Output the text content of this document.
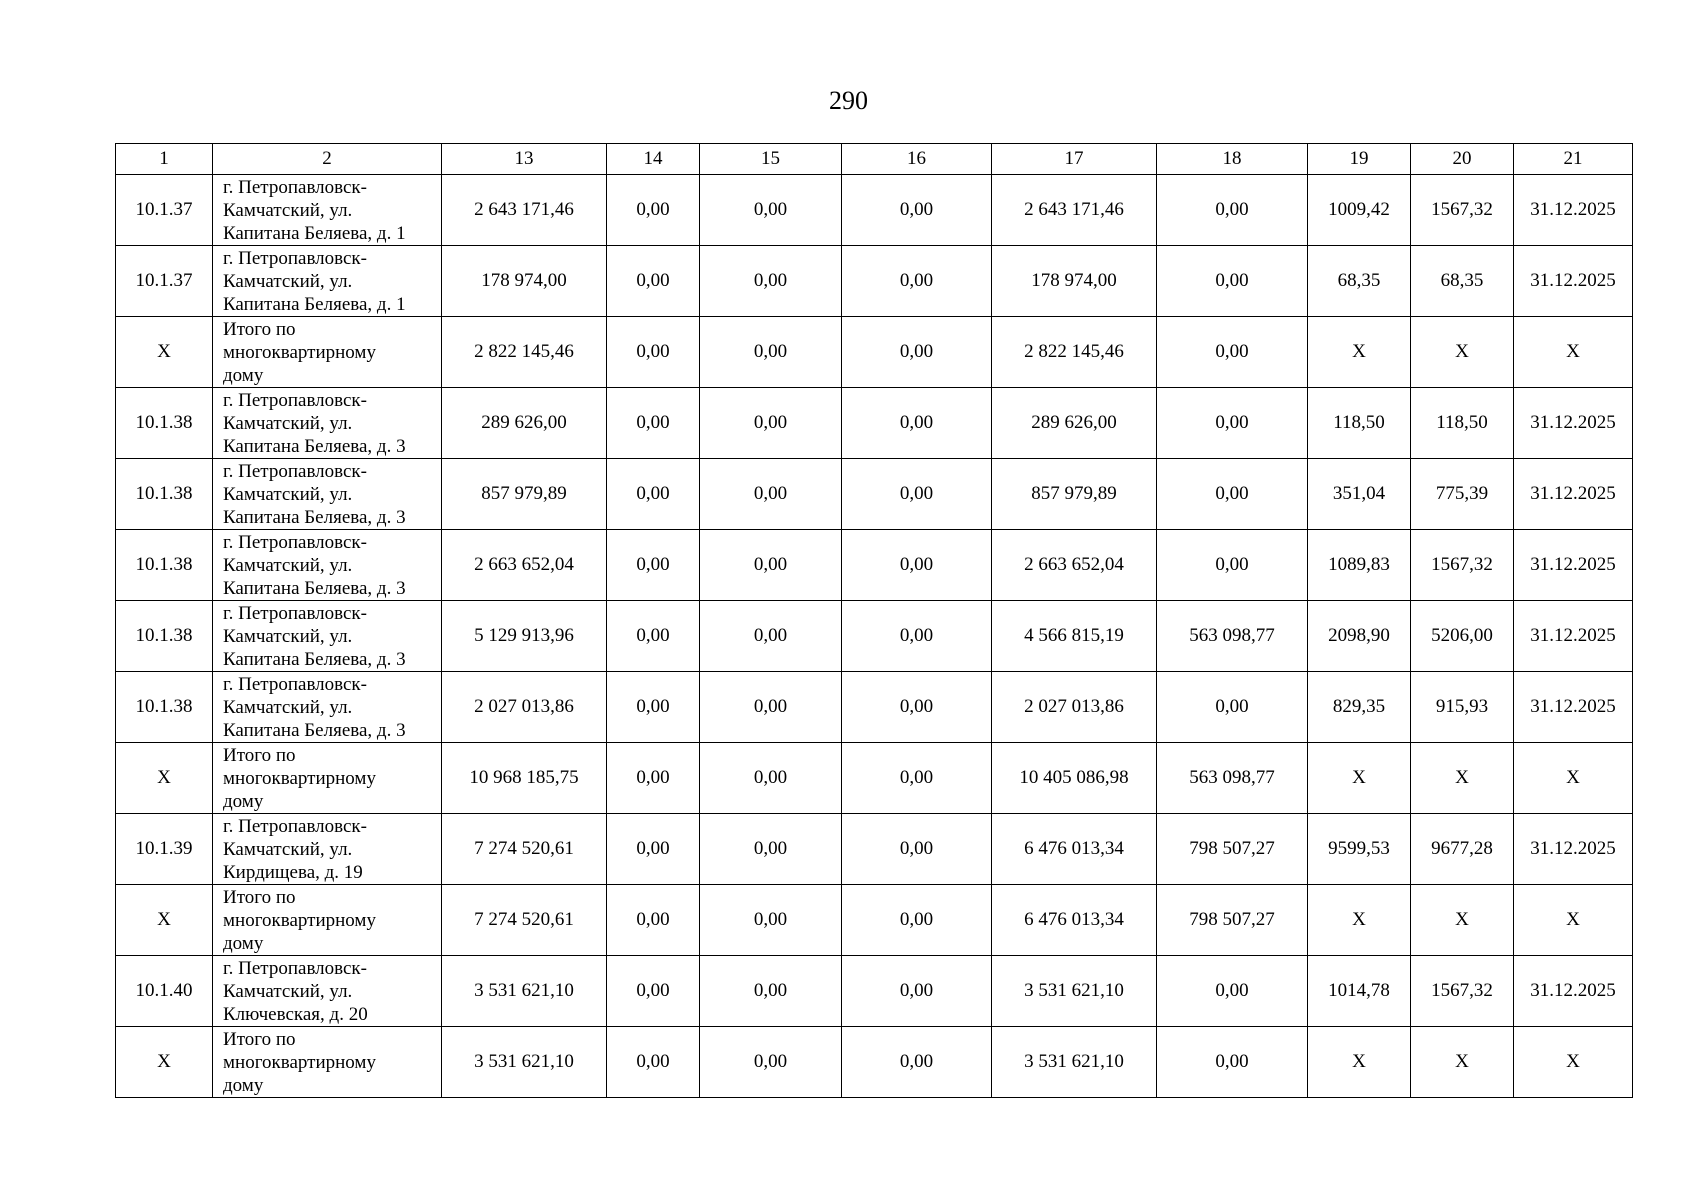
290
1	2	13	14	15	16	17	18	19	20	21
10.1.37	г. Петропавловск-
Камчатский, ул.
Капитана Беляева, д. 1	2 643 171,46	0,00	0,00	0,00	2 643 171,46	0,00	1009,42	1567,32	31.12.2025
10.1.37	г. Петропавловск-
Камчатский, ул.
Капитана Беляева, д. 1	178 974,00	0,00	0,00	0,00	178 974,00	0,00	68,35	68,35	31.12.2025
X	Итого по
многоквартирному
дому	2 822 145,46	0,00	0,00	0,00	2 822 145,46	0,00	X	X	X
10.1.38	г. Петропавловск-
Камчатский, ул.
Капитана Беляева, д. 3	289 626,00	0,00	0,00	0,00	289 626,00	0,00	118,50	118,50	31.12.2025
10.1.38	г. Петропавловск-
Камчатский, ул.
Капитана Беляева, д. 3	857 979,89	0,00	0,00	0,00	857 979,89	0,00	351,04	775,39	31.12.2025
10.1.38	г. Петропавловск-
Камчатский, ул.
Капитана Беляева, д. 3	2 663 652,04	0,00	0,00	0,00	2 663 652,04	0,00	1089,83	1567,32	31.12.2025
10.1.38	г. Петропавловск-
Камчатский, ул.
Капитана Беляева, д. 3	5 129 913,96	0,00	0,00	0,00	4 566 815,19	563 098,77	2098,90	5206,00	31.12.2025
10.1.38	г. Петропавловск-
Камчатский, ул.
Капитана Беляева, д. 3	2 027 013,86	0,00	0,00	0,00	2 027 013,86	0,00	829,35	915,93	31.12.2025
X	Итого по
многоквартирному
дому	10 968 185,75	0,00	0,00	0,00	10 405 086,98	563 098,77	X	X	X
10.1.39	г. Петропавловск-
Камчатский, ул.
Кирдищева, д. 19	7 274 520,61	0,00	0,00	0,00	6 476 013,34	798 507,27	9599,53	9677,28	31.12.2025
X	Итого по
многоквартирному
дому	7 274 520,61	0,00	0,00	0,00	6 476 013,34	798 507,27	X	X	X
10.1.40	г. Петропавловск-
Камчатский, ул.
Ключевская, д. 20	3 531 621,10	0,00	0,00	0,00	3 531 621,10	0,00	1014,78	1567,32	31.12.2025
X	Итого по
многоквартирному
дому	3 531 621,10	0,00	0,00	0,00	3 531 621,10	0,00	X	X	X
